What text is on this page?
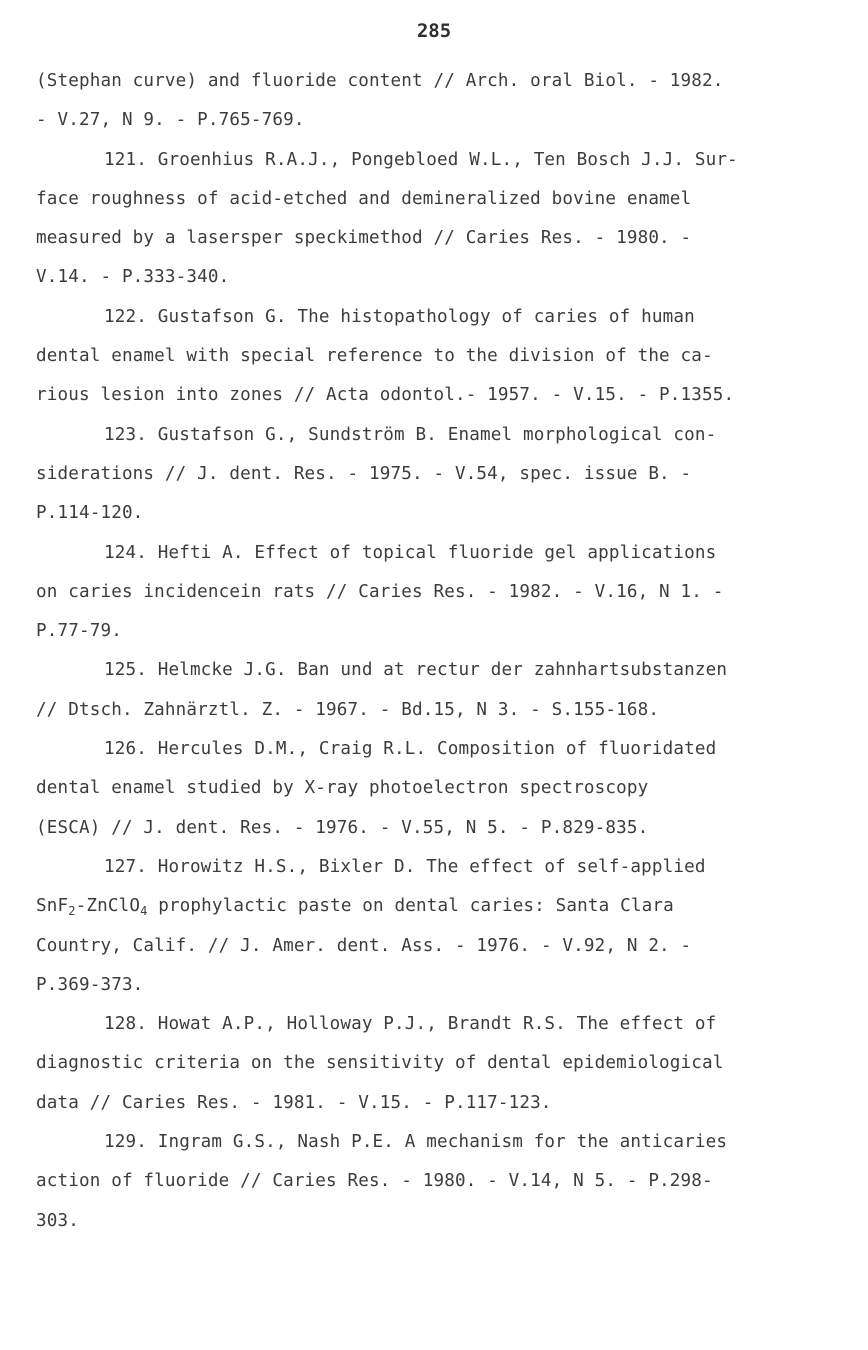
285
(Stephan curve) and fluoride content // Arch. oral Biol. - 1982.
- V.27, N 9. - P.765-769.
121. Groenhius R.A.J., Pongebloed W.L., Ten Bosch J.J. Sur-
face roughness of acid-etched and demineralized bovine enamel
measured by a lasersper speckimethod // Caries Res. - 1980. -
V.14. - P.333-340.
122. Gustafson G. The histopathology of caries of human
dental enamel with special reference to the division of the ca-
rious lesion into zones // Acta odontol.- 1957. - V.15. - P.1355.
123. Gustafson G., Sundström B. Enamel morphological con-
siderations // J. dent. Res. - 1975. - V.54, spec. issue B. -
P.114-120.
124. Hefti A. Effect of topical fluoride gel applications
on caries incidencein rats // Caries Res. - 1982. - V.16, N 1. -
P.77-79.
125. Helmcke J.G. Ban und at rectur der zahnhartsubstanzen
// Dtsch. Zahnärztl. Z. - 1967. - Bd.15, N 3. - S.155-168.
126. Hercules D.M., Craig R.L. Composition of fluoridated
dental enamel studied by X-ray photoelectron spectroscopy
(ESCA) // J. dent. Res. - 1976. - V.55, N 5. - P.829-835.
127. Horowitz H.S., Bixler D. The effect of self-applied
SnF$_2$-ZnClO$_4$ prophylactic paste on dental caries: Santa Clara
Country, Calif. // J. Amer. dent. Ass. - 1976. - V.92, N 2. -
P.369-373.
128. Howat A.P., Holloway P.J., Brandt R.S. The effect of
diagnostic criteria on the sensitivity of dental epidemiological
data // Caries Res. - 1981. - V.15. - P.117-123.
129. Ingram G.S., Nash P.E. A mechanism for the anticaries
action of fluoride // Caries Res. - 1980. - V.14, N 5. - P.298-
303.
